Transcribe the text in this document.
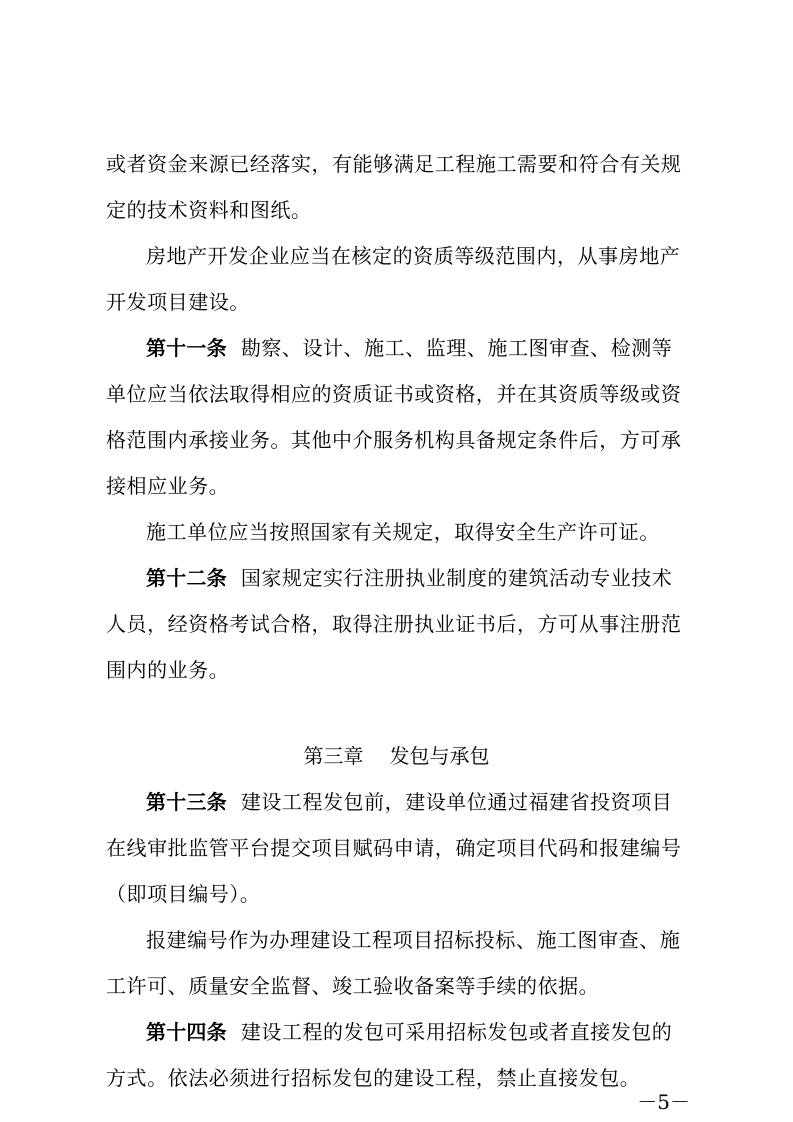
或者资金来源已经落实，有能够满足工程施工需要和符合有关规
定的技术资料和图纸。
房地产开发企业应当在核定的资质等级范围内，从事房地产
开发项目建设。
第十一条 勘察、设计、施工、监理、施工图审查、检测等
单位应当依法取得相应的资质证书或资格，并在其资质等级或资
格范围内承接业务。其他中介服务机构具备规定条件后，方可承
接相应业务。
施工单位应当按照国家有关规定，取得安全生产许可证。
第十二条 国家规定实行注册执业制度的建筑活动专业技术
人员，经资格考试合格，取得注册执业证书后，方可从事注册范
围内的业务。
第三章 发包与承包
第十三条 建设工程发包前，建设单位通过福建省投资项目
在线审批监管平台提交项目赋码申请，确定项目代码和报建编号
（即项目编号）。
报建编号作为办理建设工程项目招标投标、施工图审查、施
工许可、质量安全监督、竣工验收备案等手续的依据。
第十四条 建设工程的发包可采用招标发包或者直接发包的
方式。依法必须进行招标发包的建设工程，禁止直接发包。
－5－
